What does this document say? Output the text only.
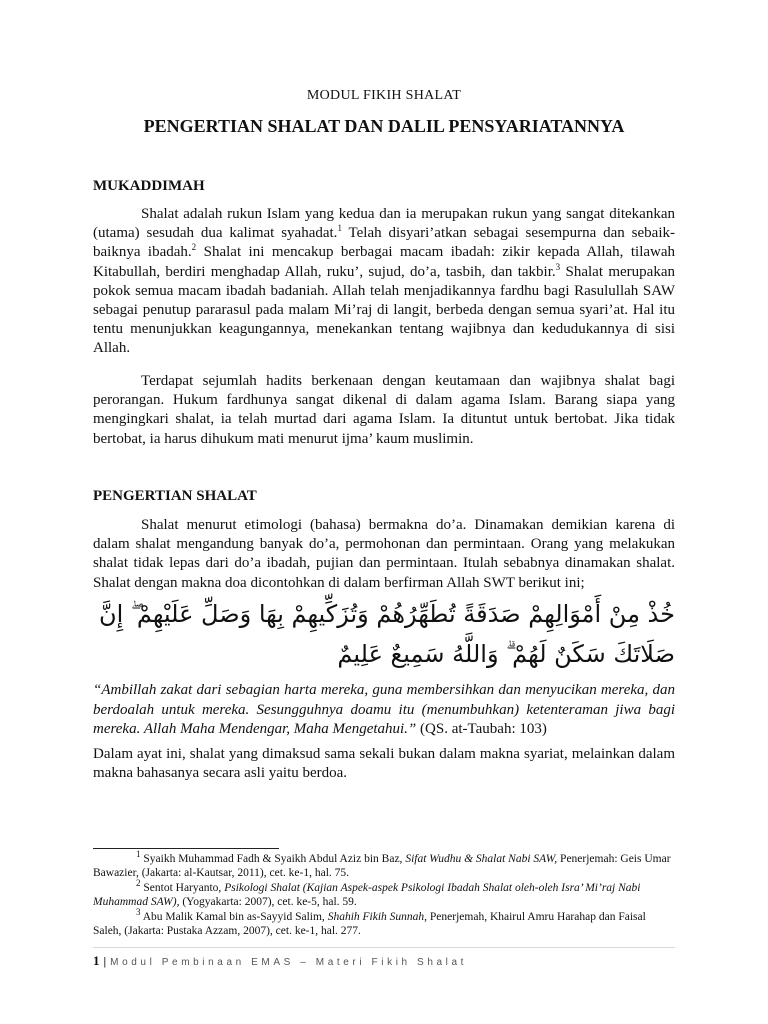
MODUL FIKIH SHALAT
PENGERTIAN SHALAT DAN DALIL PENSYARIATANNYA
MUKADDIMAH

Shalat adalah rukun Islam yang kedua dan ia merupakan rukun yang sangat ditekankan (utama) sesudah dua kalimat syahadat.$^1$ Telah disyari’atkan sebagai sesempurna dan sebaik-baiknya ibadah.$^2$ Shalat ini mencakup berbagai macam ibadah: zikir kepada Allah, tilawah Kitabullah, berdiri menghadap Allah, ruku’, sujud, do’a, tasbih, dan takbir.$^3$ Shalat merupakan pokok semua macam ibadah badaniah. Allah telah menjadikannya fardhu bagi Rasulullah SAW sebagai penutup pararasul pada malam Mi’raj di langit, berbeda dengan semua syari’at. Hal itu tentu menunjukkan keagungannya, menekankan tentang wajibnya dan kedudukannya di sisi Allah.

Terdapat sejumlah hadits berkenaan dengan keutamaan dan wajibnya shalat bagi perorangan. Hukum fardhunya sangat dikenal di dalam agama Islam. Barang siapa yang mengingkari shalat, ia telah murtad dari agama Islam. Ia dituntut untuk bertobat. Jika tidak bertobat, ia harus dihukum mati menurut ijma’ kaum muslimin.

PENGERTIAN SHALAT

Shalat menurut etimologi (bahasa) bermakna do’a. Dinamakan demikian karena di dalam shalat mengandung banyak do’a, permohonan dan permintaan. Orang yang melakukan shalat tidak lepas dari do’a ibadah, pujian dan permintaan. Itulah sebabnya dinamakan shalat. Shalat dengan makna doa dicontohkan di dalam berfirman Allah SWT berikut ini;

خُذْ مِنْ أَمْوَالِهِمْ صَدَقَةً تُطَهِّرُهُمْ وَتُزَكِّيهِمْ بِهَا وَصَلِّ عَلَيْهِمْ ۖ إِنَّ صَلَاتَكَ سَكَنٌ لَهُمْ ۗ وَاللَّهُ سَمِيعٌ عَلِيمٌ

“Ambillah zakat dari sebagian harta mereka, guna membersihkan dan menyucikan mereka, dan berdoalah untuk mereka. Sesungguhnya doamu itu (menumbuhkan) ketenteraman jiwa bagi mereka. Allah Maha Mendengar, Maha Mengetahui.” (QS. at-Taubah: 103)

Dalam ayat ini, shalat yang dimaksud sama sekali bukan dalam makna syariat, melainkan dalam makna bahasanya secara asli yaitu berdoa.

$^1$ Syaikh Muhammad Fadh & Syaikh Abdul Aziz bin Baz, Sifat Wudhu & Shalat Nabi SAW, Penerjemah: Geis Umar Bawazier, (Jakarta: al-Kautsar, 2011), cet. ke-1, hal. 75.
$^2$ Sentot Haryanto, Psikologi Shalat (Kajian Aspek-aspek Psikologi Ibadah Shalat oleh-oleh Isra’ Mi’raj Nabi Muhammad SAW), (Yogyakarta: 2007), cet. ke-5, hal. 59.
$^3$ Abu Malik Kamal bin as-Sayyid Salim, Shahih Fikih Sunnah, Penerjemah, Khairul Amru Harahap dan Faisal Saleh, (Jakarta: Pustaka Azzam, 2007), cet. ke-1, hal. 277.
1 | Modul Pembinaan EMAS – Materi Fikih Shalat
